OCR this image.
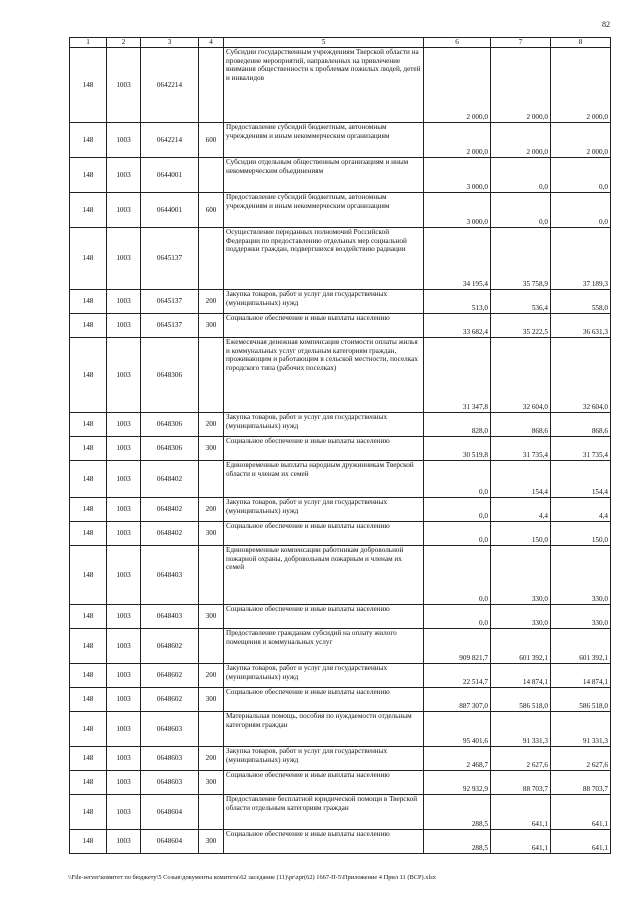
82
1	2	3	4	5	6	7	8
148	1003	0642214		Субсидии государственным учреждениям Тверской области на проведение мероприятий, направленных на привлечение внимания общественности к проблемам пожилых людей, детей и инвалидов	2 000,0	2 000,0	2 000,0
148	1003	0642214	600	Предоставление субсидий бюджетным, автономным учреждениям и иным некоммерческим организациям	2 000,0	2 000,0	2 000,0
148	1003	0644001		Субсидии отдельным общественным организациям и иным некоммерческим объединениям	3 000,0	0,0	0,0
148	1003	0644001	600	Предоставление субсидий бюджетным, автономным учреждениям и иным некоммерческим организациям	3 000,0	0,0	0,0
148	1003	0645137		Осуществление переданных полномочий Российской Федерации по предоставлению отдельных мер социальной поддержки граждан, подвергшихся воздействию радиации	34 195,4	35 758,9	37 189,3
148	1003	0645137	200	Закупка товаров, работ и услуг для государственных (муниципальных) нужд	513,0	536,4	558,0
148	1003	0645137	300	Социальное обеспечение и иные выплаты населению	33 682,4	35 222,5	36 631,3
148	1003	0648306		Ежемесячная денежная компенсация стоимости оплаты жилья и коммунальных услуг отдельным категориям граждан, проживающим и работающим в сельской местности, поселках городского типа (рабочих поселках)	31 347,8	32 604,0	32 604,0
148	1003	0648306	200	Закупка товаров, работ и услуг для государственных (муниципальных) нужд	828,0	868,6	868,6
148	1003	0648306	300	Социальное обеспечение и иные выплаты населению	30 519,8	31 735,4	31 735,4
148	1003	0648402		Единовременные выплаты народным дружинникам Тверской области и членам их семей	0,0	154,4	154,4
148	1003	0648402	200	Закупка товаров, работ и услуг для государственных (муниципальных) нужд	0,0	4,4	4,4
148	1003	0648402	300	Социальное обеспечение и иные выплаты населению	0,0	150,0	150,0
148	1003	0648403		Единовременные компенсации работникам добровольной пожарной охраны, добровольным пожарным и членам их семей	0,0	330,0	330,0
148	1003	0648403	300	Социальное обеспечение и иные выплаты населению	0,0	330,0	330,0
148	1003	0648602		Предоставление гражданам субсидий на оплату жилого помещения и коммунальных услуг	909 821,7	601 392,1	601 392,1
148	1003	0648602	200	Закупка товаров, работ и услуг для государственных (муниципальных) нужд	22 514,7	14 874,1	14 874,1
148	1003	0648602	300	Социальное обеспечение и иные выплаты населению	887 307,0	586 518,0	586 518,0
148	1003	0648603		Материальная помощь, пособия по нуждаемости отдельным категориям граждан	95 401,6	91 331,3	91 331,3
148	1003	0648603	200	Закупка товаров, работ и услуг для государственных (муниципальных) нужд	2 468,7	2 627,6	2 627,6
148	1003	0648603	300	Социальное обеспечение и иные выплаты населению	92 932,9	88 703,7	88 703,7
148	1003	0648604		Предоставление бесплатной юридической помощи в Тверской области отдельным категориям граждан	288,5	641,1	641,1
148	1003	0648604	300	Социальное обеспечение и иные выплаты населению	288,5	641,1	641,1
\\File-server\комитет по бюджету\5 Созыв\документы комитета\62 заседание (11)\pr\zpr(62) 1667-П-5\Приложение 4 Прил 11 (ВСР).xlsx
